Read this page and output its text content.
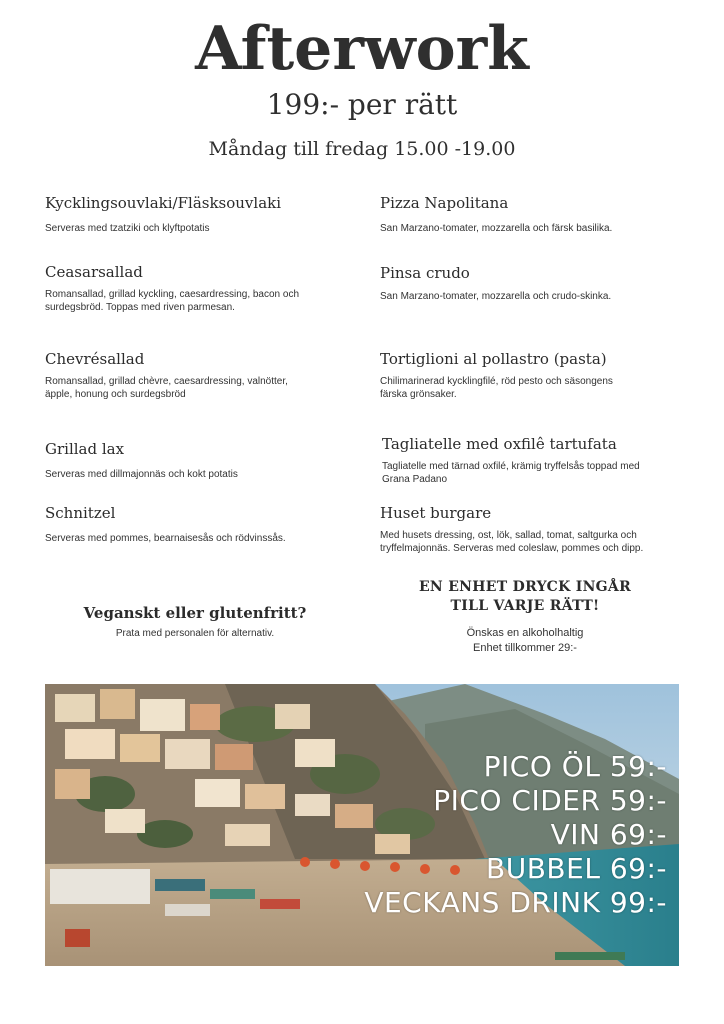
Afterwork
199:- per rätt
Måndag till fredag 15.00 -19.00
Kycklingsouvlaki/Fläsksouvlaki
Serveras med tzatziki och klyftpotatis
Ceasarsallad
Romansallad, grillad kyckling, caesardressing, bacon och surdegsbröd. Toppas med riven parmesan.
Chevrésallad
Romansallad, grillad chèvre, caesardressing, valnötter, äpple, honung och surdegsbröd
Grillad lax
Serveras med dillmajonnäs och kokt potatis
Schnitzel
Serveras med pommes, bearnaisesås och rödvinssås.
Pizza Napolitana
San Marzano-tomater, mozzarella och färsk basilika.
Pinsa crudo
San Marzano-tomater, mozzarella och crudo-skinka.
Tortiglioni al pollastro (pasta)
Chilimarinerad kycklingfilé, röd pesto och säsongens färska grönsaker.
Tagliatelle med oxfilê tartufata
Tagliatelle med tärnad oxfilé, krämig tryffelsås toppad med Grana Padano
Huset burgare
Med husets dressing, ost, lök, sallad, tomat, saltgurka och tryffelmajonnäs. Serveras med coleslaw, pommes och dipp.
Veganskt eller glutenfritt?
Prata med personalen för alternativ.
EN ENHET DRYCK INGÅR
TILL VARJE RÄTT!
Önskas en alkoholhaltig
Enhet tillkommer 29:-
PICO ÖL 59:-
PICO CIDER 59:-
VIN 69:-
BUBBEL 69:-
VECKANS DRINK 99:-
